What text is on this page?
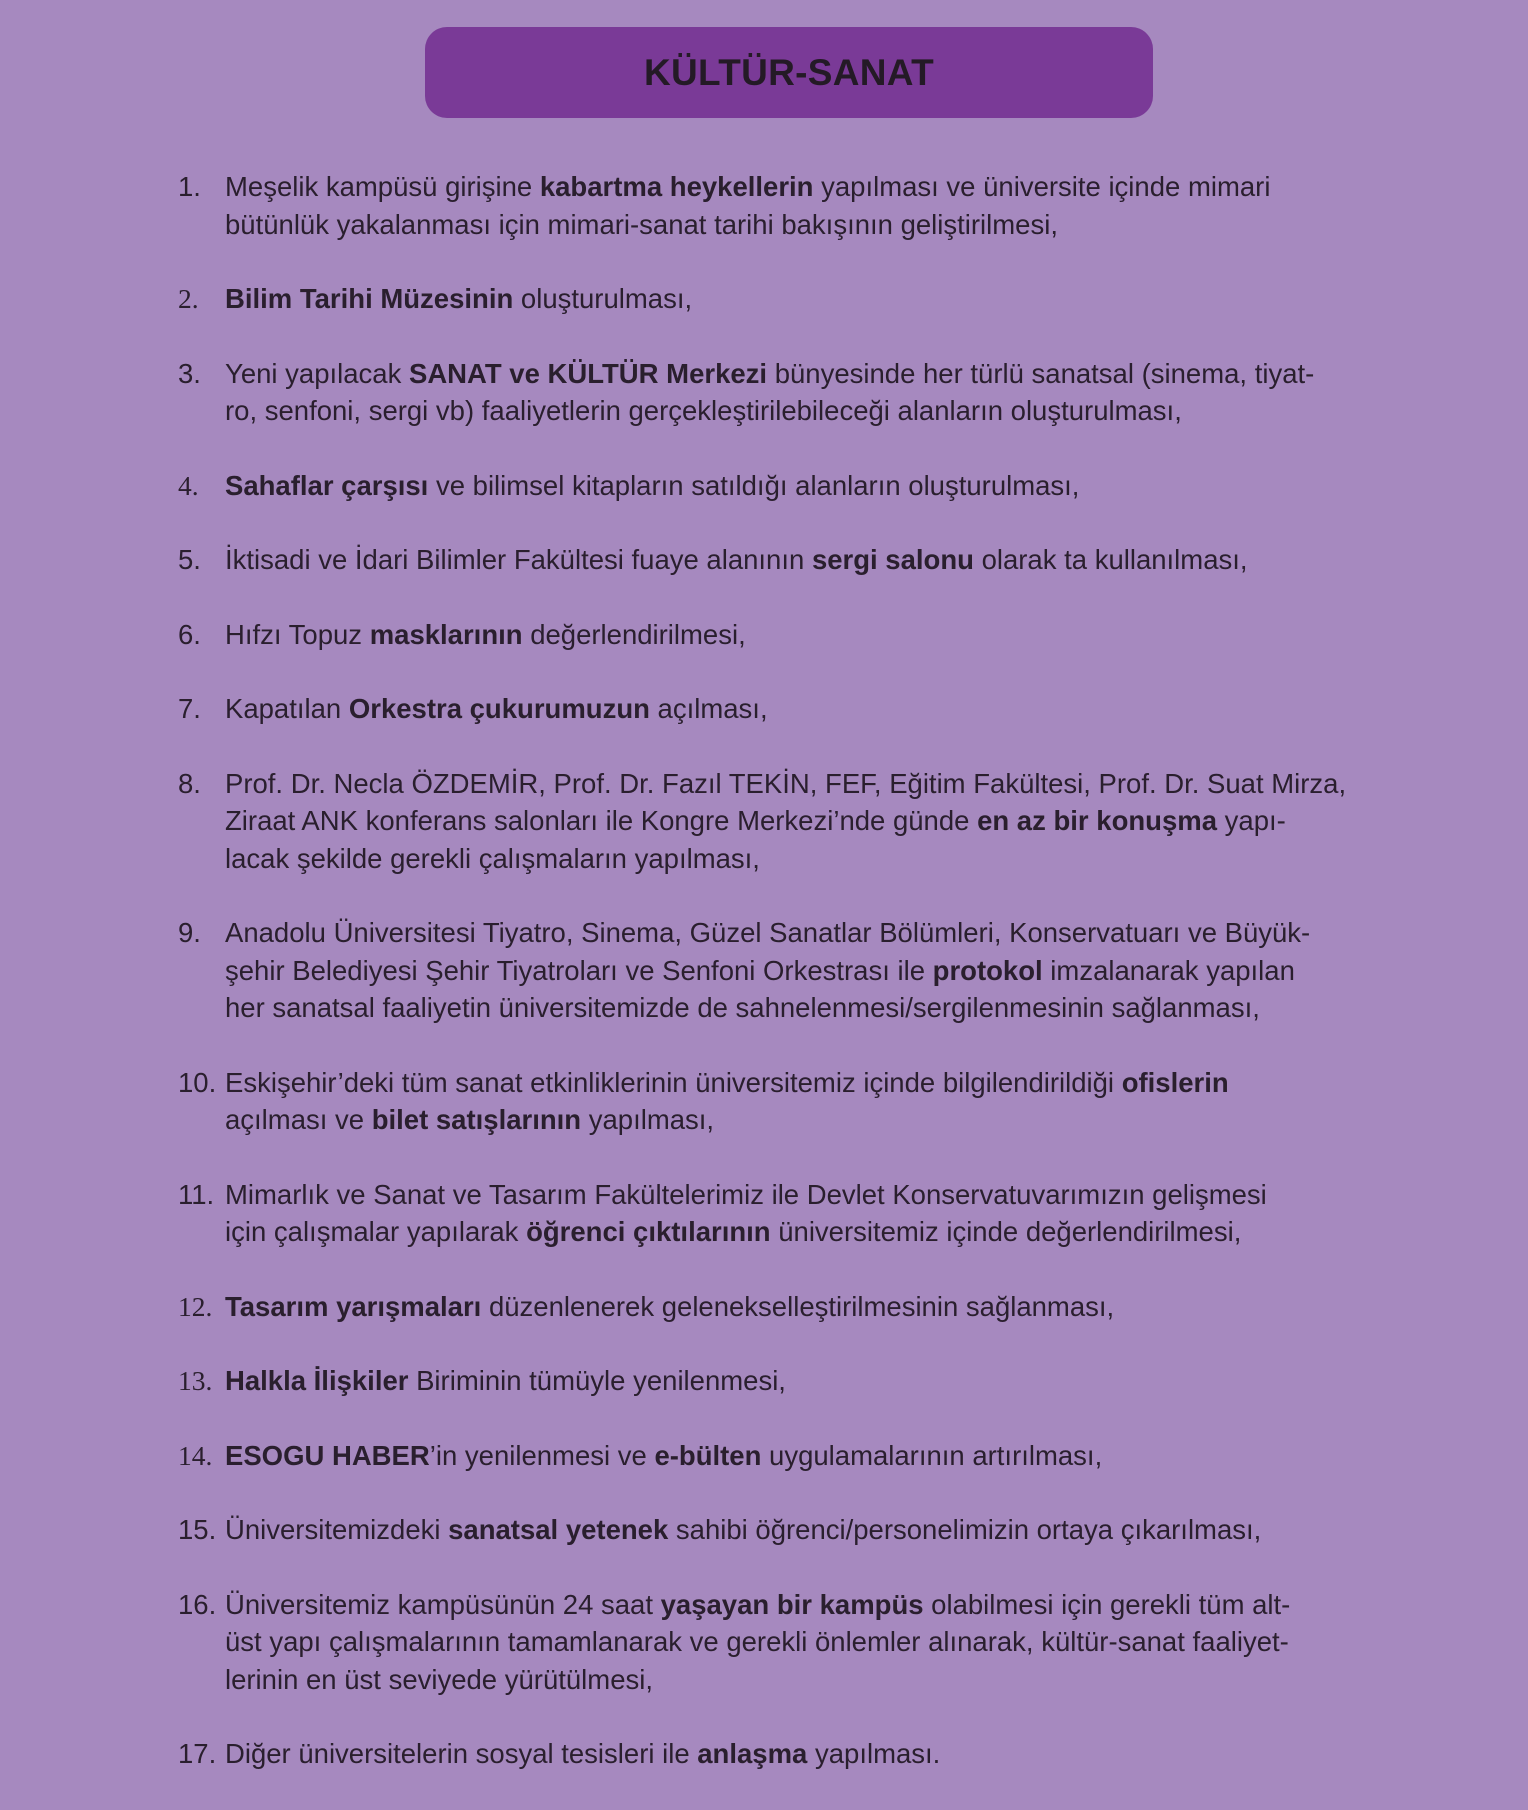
KÜLTÜR-SANAT
1. Meşelik kampüsü girişine kabartma heykellerin yapılması ve üniversite içinde mimari
bütünlük yakalanması için mimari-sanat tarihi bakışının geliştirilmesi,
2. Bilim Tarihi Müzesinin oluşturulması,
3. Yeni yapılacak SANAT ve KÜLTÜR Merkezi bünyesinde her türlü sanatsal (sinema, tiyat-
ro, senfoni, sergi vb) faaliyetlerin gerçekleştirilebileceği alanların oluşturulması,
4. Sahaflar çarşısı ve bilimsel kitapların satıldığı alanların oluşturulması,
5. İktisadi ve İdari Bilimler Fakültesi fuaye alanının sergi salonu olarak ta kullanılması,
6. Hıfzı Topuz masklarının değerlendirilmesi,
7. Kapatılan Orkestra çukurumuzun açılması,
8. Prof. Dr. Necla ÖZDEMİR, Prof. Dr. Fazıl TEKİN, FEF, Eğitim Fakültesi, Prof. Dr. Suat Mirza,
Ziraat ANK konferans salonları ile Kongre Merkezi’nde günde en az bir konuşma yapı-
lacak şekilde gerekli çalışmaların yapılması,
9. Anadolu Üniversitesi Tiyatro, Sinema, Güzel Sanatlar Bölümleri, Konservatuarı ve Büyük-
şehir Belediyesi Şehir Tiyatroları ve Senfoni Orkestrası ile protokol imzalanarak yapılan
her sanatsal faaliyetin üniversitemizde de sahnelenmesi/sergilenmesinin sağlanması,
10. Eskişehir’deki tüm sanat etkinliklerinin üniversitemiz içinde bilgilendirildiği ofislerin
açılması ve bilet satışlarının yapılması,
11. Mimarlık ve Sanat ve Tasarım Fakültelerimiz ile Devlet Konservatuvarımızın gelişmesi
için çalışmalar yapılarak öğrenci çıktılarının üniversitemiz içinde değerlendirilmesi,
12. Tasarım yarışmaları düzenlenerek gelenekselleştirilmesinin sağlanması,
13. Halkla İlişkiler Biriminin tümüyle yenilenmesi,
14. ESOGU HABER’in yenilenmesi ve e-bülten uygulamalarının artırılması,
15. Üniversitemizdeki sanatsal yetenek sahibi öğrenci/personelimizin ortaya çıkarılması,
16. Üniversitemiz kampüsünün 24 saat yaşayan bir kampüs olabilmesi için gerekli tüm alt-
üst yapı çalışmalarının tamamlanarak ve gerekli önlemler alınarak, kültür-sanat faaliyet-
lerinin en üst seviyede yürütülmesi,
17. Diğer üniversitelerin sosyal tesisleri ile anlaşma yapılması.
